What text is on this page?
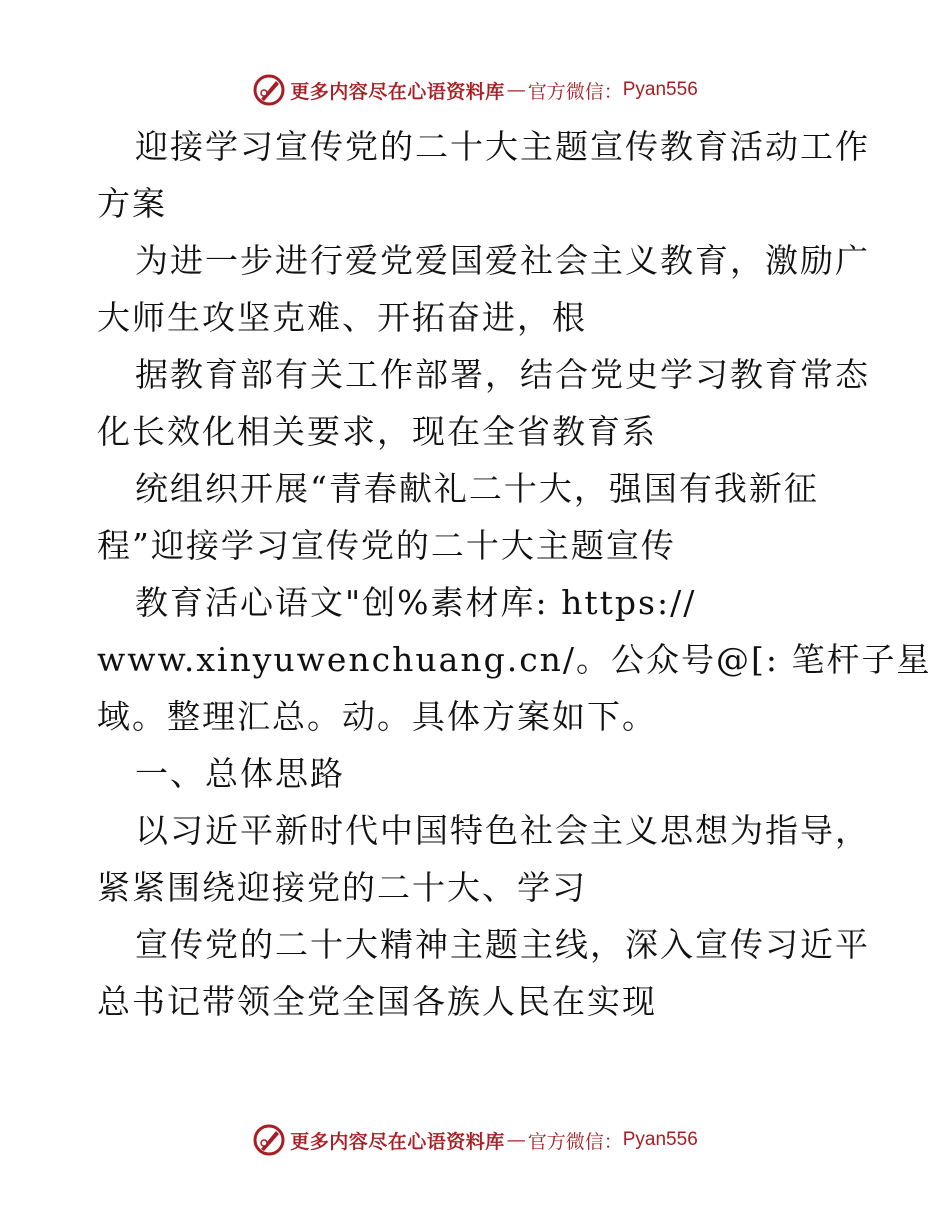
更多内容尽在心语资料库 — 官方微信： Pyan556
迎接学习宣传党的二十大主题宣传教育活动工作
方案
为进一步进行爱党爱国爱社会主义教育，激励广
大师生攻坚克难、开拓奋进，根
据教育部有关工作部署，结合党史学习教育常态
化长效化相关要求，现在全省教育系
统组织开展“青春献礼二十大，强国有我新征
程”迎接学习宣传党的二十大主题宣传
教育活心语文"创%素材库: https://
www.xinyuwenchuang.cn/。公众号@[: 笔杆子星
域。整理汇总。动。具体方案如下。
一、总体思路
以习近平新时代中国特色社会主义思想为指导，
紧紧围绕迎接党的二十大、学习
宣传党的二十大精神主题主线，深入宣传习近平
总书记带领全党全国各族人民在实现
更多内容尽在心语资料库 — 官方微信： Pyan556
